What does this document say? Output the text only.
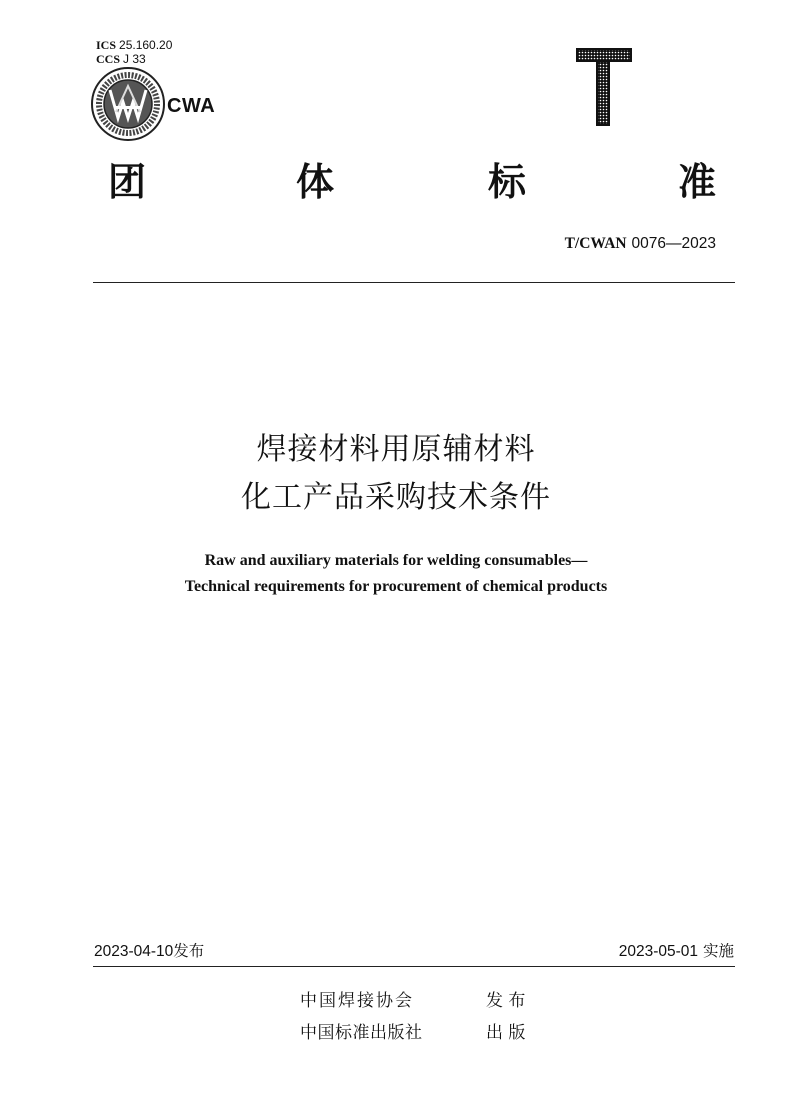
ICS 25.160.20
CCS J 33
CWA
团	体	标	准
T/CWAN 0076—2023
焊接材料用原辅材料
化工产品采购技术条件
Raw and auxiliary materials for welding consumables—
Technical requirements for procurement of chemical products
2023-04-10发布	2023-05-01 实施
中国焊接协会	发 布
中国标准出版社	出 版
